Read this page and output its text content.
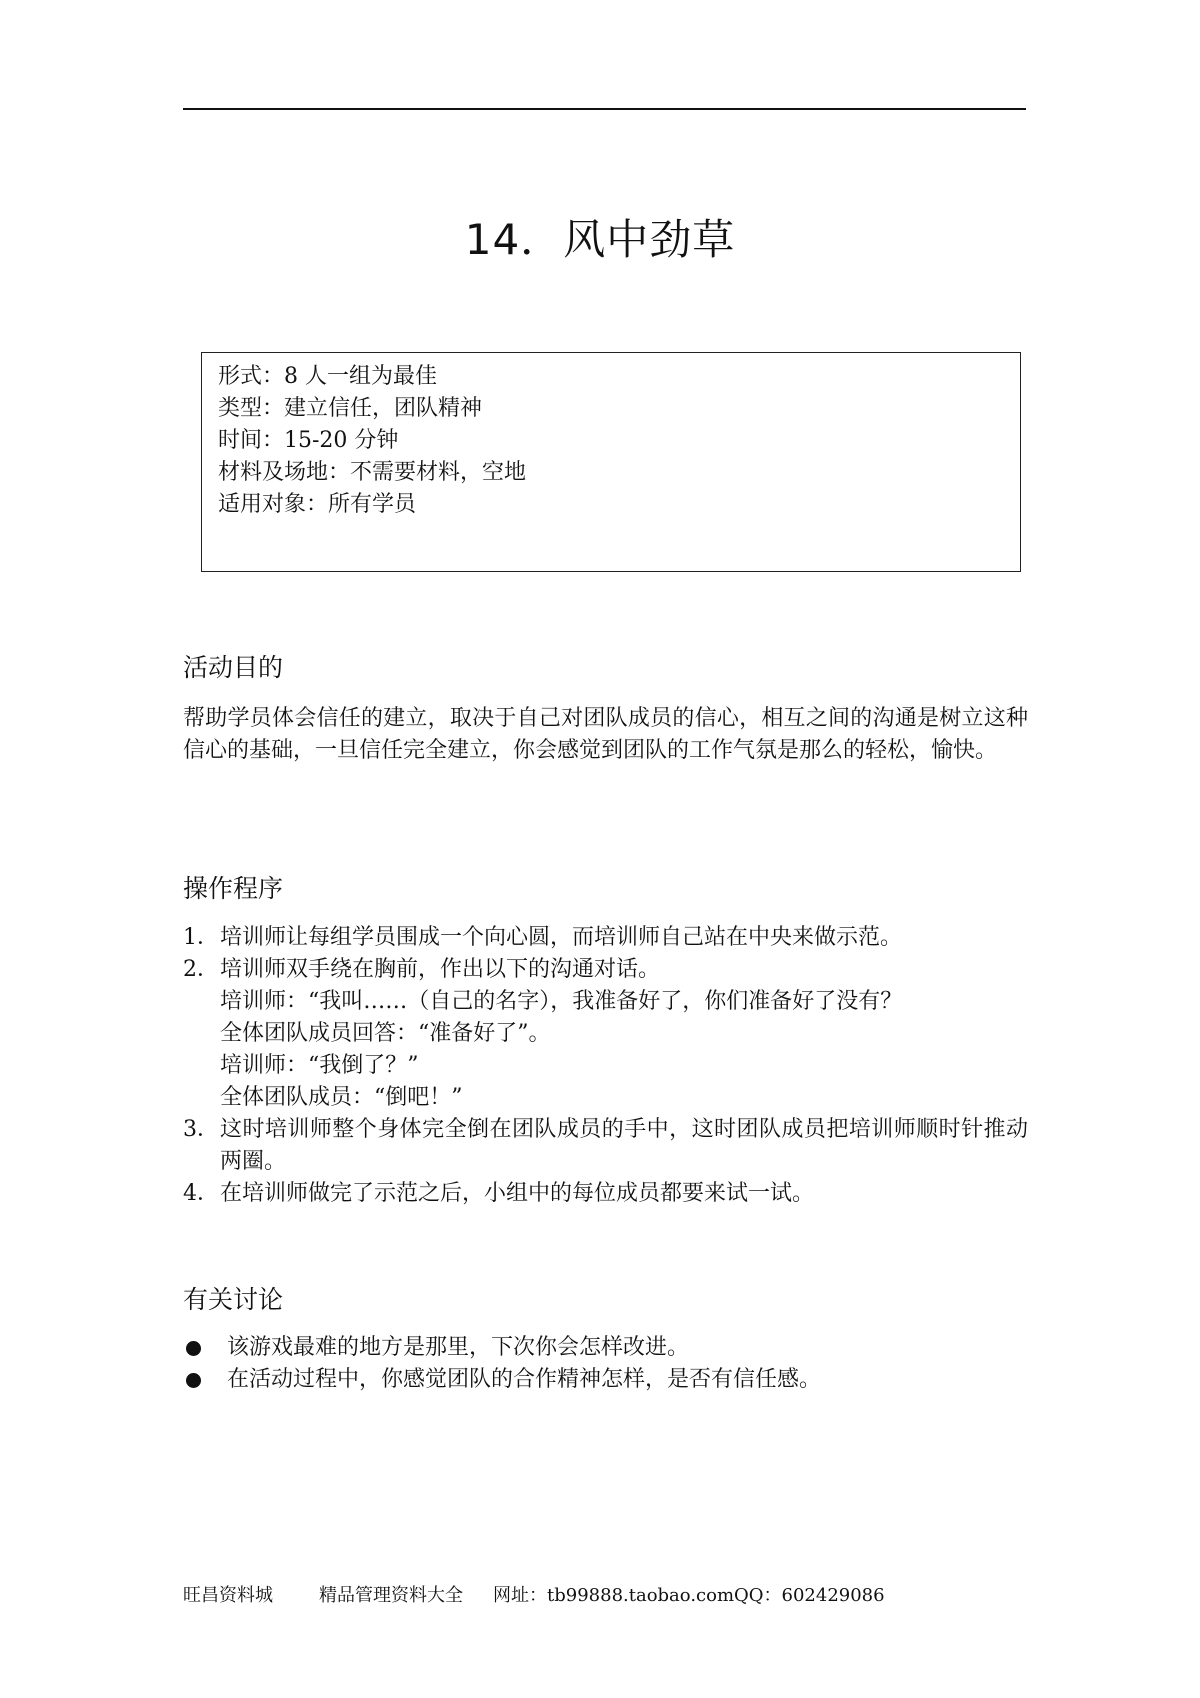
14．风中劲草
形式：8 人一组为最佳
类型：建立信任，团队精神
时间：15-20 分钟
材料及场地：不需要材料，空地
适用对象：所有学员
活动目的
帮助学员体会信任的建立，取决于自己对团队成员的信心，相互之间的沟通是树立这种信心的基础，一旦信任完全建立，你会感觉到团队的工作气氛是那么的轻松，愉快。
操作程序
1． 培训师让每组学员围成一个向心圆，而培训师自己站在中央来做示范。
2． 培训师双手绕在胸前，作出以下的沟通对话。
培训师：“我叫……（自己的名字），我准备好了，你们准备好了没有？
全体团队成员回答：“准备好了”。
培训师：“我倒了？”
全体团队成员：“倒吧！”
3． 这时培训师整个身体完全倒在团队成员的手中，这时团队成员把培训师顺时针推动两圈。
4． 在培训师做完了示范之后，小组中的每位成员都要来试一试。
有关讨论
该游戏最难的地方是那里，下次你会怎样改进。
在活动过程中，你感觉团队的合作精神怎样，是否有信任感。
旺昌资料城	精品管理资料大全 网址：tb99888.taobao.com QQ：602429086
